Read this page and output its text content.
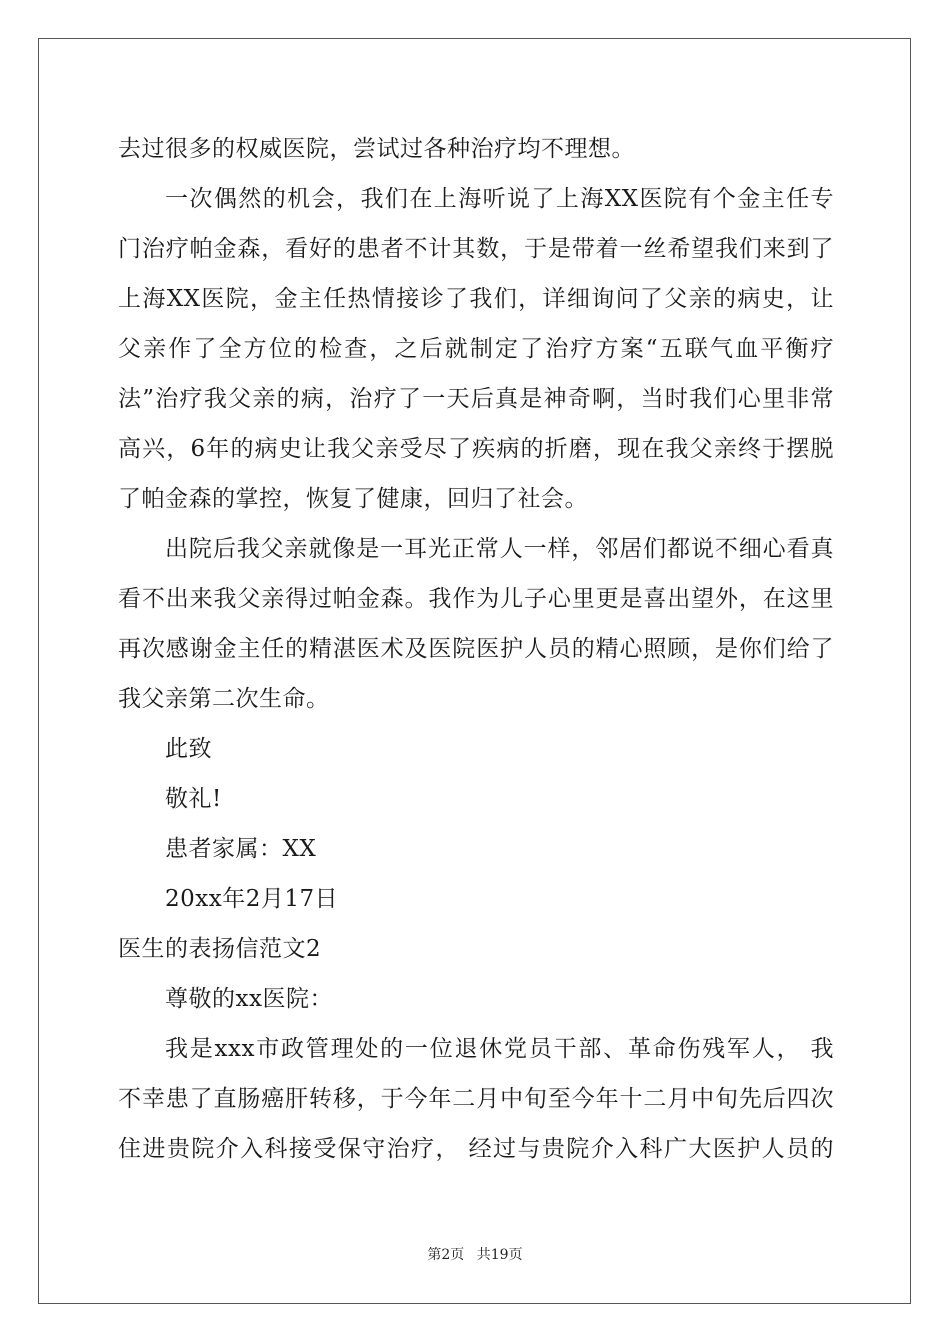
去过很多的权威医院，尝试过各种治疗均不理想。
一次偶然的机会，我们在上海听说了上海XX医院有个金主任专
门治疗帕金森，看好的患者不计其数，于是带着一丝希望我们来到了
上海XX医院，金主任热情接诊了我们，详细询问了父亲的病史，让
父亲作了全方位的检查，之后就制定了治疗方案“五联气血平衡疗
法”治疗我父亲的病，治疗了一天后真是神奇啊，当时我们心里非常
高兴，6年的病史让我父亲受尽了疾病的折磨，现在我父亲终于摆脱
了帕金森的掌控，恢复了健康，回归了社会。
出院后我父亲就像是一耳光正常人一样，邻居们都说不细心看真
看不出来我父亲得过帕金森。我作为儿子心里更是喜出望外，在这里
再次感谢金主任的精湛医术及医院医护人员的精心照顾，是你们给了
我父亲第二次生命。
此致
敬礼!
患者家属：XX
20xx年2月17日
医生的表扬信范文2
尊敬的xx医院：
我是xxx市政管理处的一位退休党员干部、革命伤残军人， 我
不幸患了直肠癌肝转移，于今年二月中旬至今年十二月中旬先后四次
住进贵院介入科接受保守治疗， 经过与贵院介入科广大医护人员的
第2页 共19页
